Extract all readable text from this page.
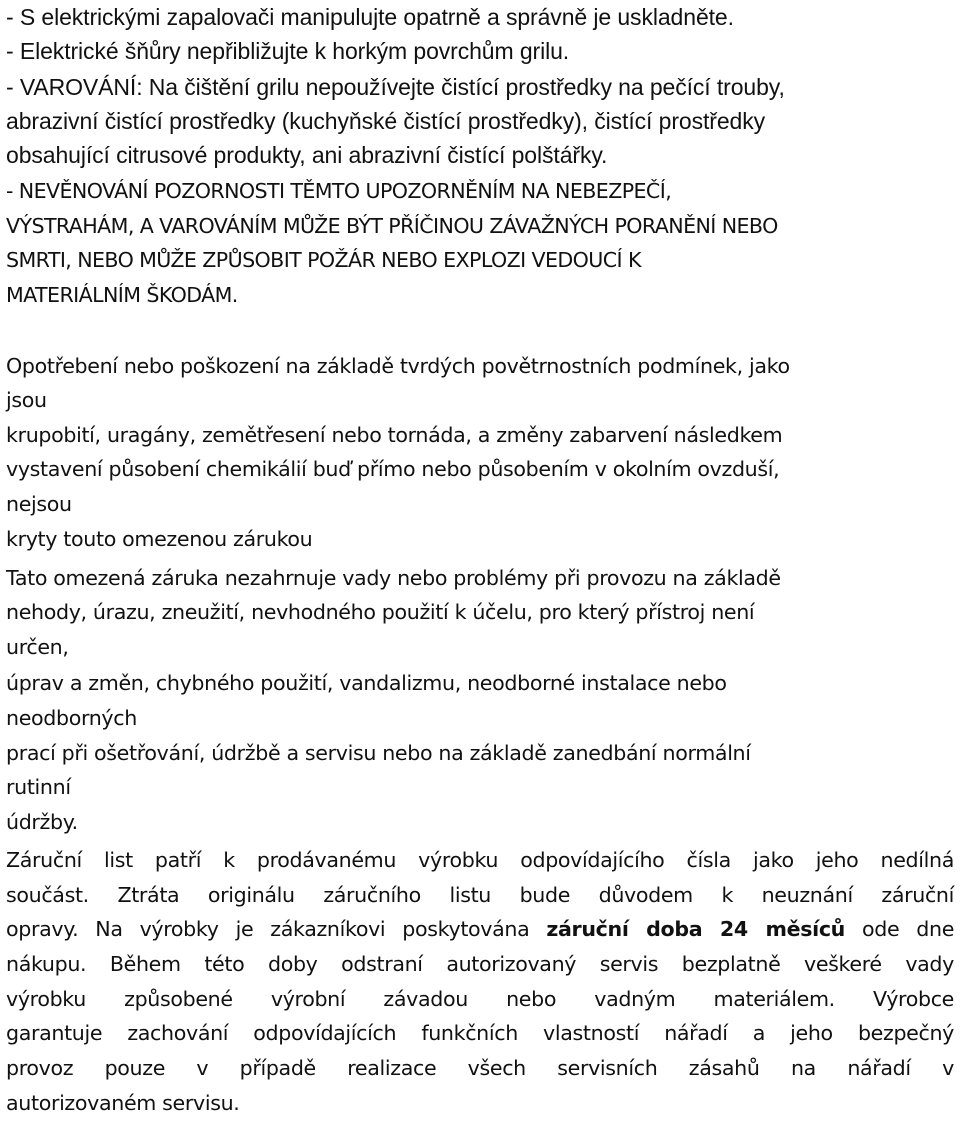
- S elektrickými zapalovači manipulujte opatrně a správně je uskladněte.
- Elektrické šňůry nepřibližujte k horkým povrchům grilu.
- VAROVÁNÍ: Na čištění grilu nepoužívejte čistící prostředky na pečící trouby,
abrazivní čistící prostředky (kuchyňské čistící prostředky), čistící prostředky
obsahující citrusové produkty, ani abrazivní čistící polštářky.
- NEVĚNOVÁNÍ POZORNOSTI TĚMTO UPOZORNĚNÍM NA NEBEZPEČÍ,
VÝSTRAHÁM, A VAROVÁNÍM MŮŽE BÝT PŘÍČINOU ZÁVAŽNÝCH PORANĚNÍ NEBO
SMRTI, NEBO MŮŽE ZPŮSOBIT POŽÁR NEBO EXPLOZI VEDOUCÍ K
MATERIÁLNÍM ŠKODÁM.
Opotřebení nebo poškození na základě tvrdých povětrnostních podmínek, jako
jsou
krupobití, uragány, zemětřesení nebo tornáda, a změny zabarvení následkem
vystavení působení chemikálií buď přímo nebo působením v okolním ovzduší,
nejsou
kryty touto omezenou zárukou
Tato omezená záruka nezahrnuje vady nebo problémy při provozu na základě
nehody, úrazu, zneužití, nevhodného použití k účelu, pro který přístroj není
určen,
úprav a změn, chybného použití, vandalizmu, neodborné instalace nebo
neodborných
prací při ošetřování, údržbě a servisu nebo na základě zanedbání normální
rutinní
údržby.
Záruční list patří k prodávanému výrobku odpovídajícího čísla jako jeho nedílná
součást. Ztráta originálu záručního listu bude důvodem k neuznání záruční
opravy. Na výrobky je zákazníkovi poskytována záruční doba 24 měsíců ode dne
nákupu. Během této doby odstraní autorizovaný servis bezplatně veškeré vady
výrobku způsobené výrobní závadou nebo vadným materiálem. Výrobce
garantuje zachování odpovídajících funkčních vlastností nářadí a jeho bezpečný
provoz pouze v případě realizace všech servisních zásahů na nářadí v
autorizovaném servisu.
